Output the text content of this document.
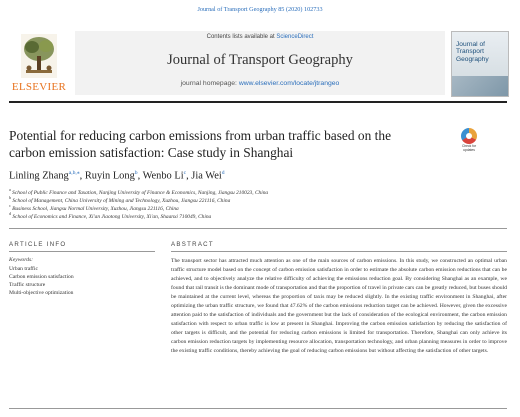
Journal of Transport Geography 85 (2020) 102733
ELSEVIER
Contents lists available at ScienceDirect
Journal of Transport Geography
journal homepage: www.elsevier.com/locate/jtrangeo
Journal of
Transport
Geography
Potential for reducing carbon emissions from urban traffic based on the
carbon emission satisfaction: Case study in Shanghai	Check for
updates
Linling Zhang$^{a,b,⁎}$, Ruyin Long$^b$, Wenbo Li$^c$, Jia Wei$^d$
$^a$ School of Public Finance and Taxation, Nanjing University of Finance & Economics, Nanjing, Jiangsu 210023, China
$^b$ School of Management, China University of Mining and Technology, Xuzhou, Jiangsu 221116, China
$^c$ Business School, Jiangsu Normal University, Xuzhou, Jiangsu 221116, China
$^d$ School of Economics and Finance, Xi'an Jiaotong University, Xi'an, Shaanxi 710049, China
ARTICLE INFO	ABSTRACT
Keywords:
Urban traffic
Carbon emission satisfaction
Traffic structure
Multi-objective optimization
The transport sector has attracted much attention as one of the main sources of carbon emissions. In this study, we constructed an optimal urban traffic structure model based on the concept of carbon emission satisfaction in order to estimate the absolute carbon emission reductions that can be achieved, and to objectively analyze the relative difficulty of achieving the emissions reduction goal. By considering Shanghai as an example, we found that rail transit is the dominant mode of transportation and that the proportion of travel in private cars can be greatly reduced, but buses should be maintained at the current level, whereas the proportion of taxis may be reduced slightly. In the existing traffic environment in Shanghai, after optimizing the urban traffic structure, we found that 47.62% of the carbon emissions reduction target can be achieved. However, given the excessive attention paid to the satisfaction of individuals and the government but the lack of consideration of the ecological environment, the carbon emission satisfaction with respect to urban traffic is low at present in Shanghai. Improving the carbon emission satisfaction by reducing the satisfaction of other targets is difficult, and the potential for reducing carbon emissions is limited for transportation. Therefore, Shanghai can only achieve its carbon emission reduction targets by implementing resource allocation, transportation technology, and urban planning measures in order to improve the existing traffic conditions, thereby achieving the goal of reducing carbon emissions but without affecting the satisfaction of other targets.
